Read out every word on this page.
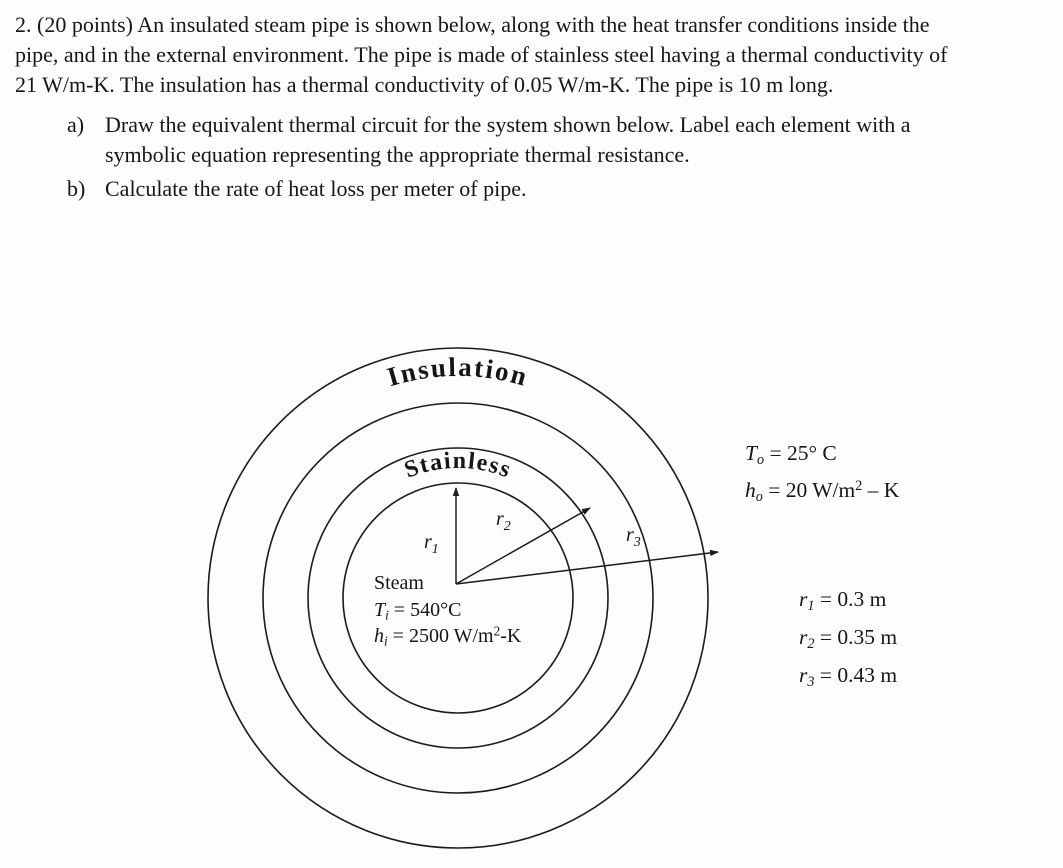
2. (20 points) An insulated steam pipe is shown below, along with the heat transfer conditions inside the pipe, and in the external environment. The pipe is made of stainless steel having a thermal conductivity of 21 W/m-K. The insulation has a thermal conductivity of 0.05 W/m-K. The pipe is 10 m long.

a) Draw the equivalent thermal circuit for the system shown below. Label each element with a symbolic equation representing the appropriate thermal resistance.
b) Calculate the rate of heat loss per meter of pipe.
Insulation
Stainless
$r_1$
$r_2$	$r_3$
Steam
$T_i = 540^\circ C$
$h_i = 2500$ $W/m^2-K$
$T_o = 25^\circ$ C
$h_o = 20$ $W/m^2$ – K
$r_1 = 0.3$ m
$r_2 = 0.35$ m
$r_3 = 0.43$ m
